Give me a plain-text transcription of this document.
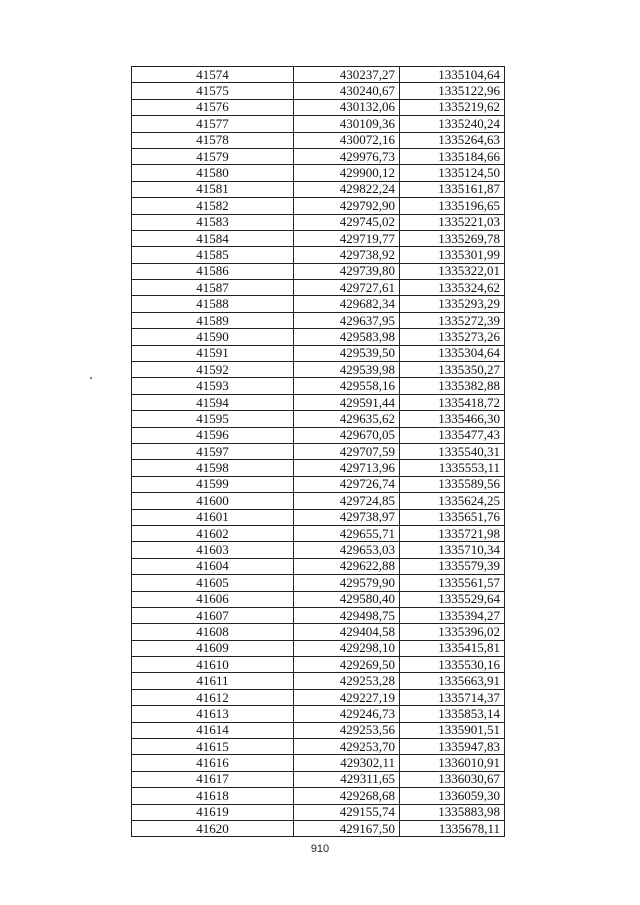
41574	430237,27	1335104,64
41575	430240,67	1335122,96
41576	430132,06	1335219,62
41577	430109,36	1335240,24
41578	430072,16	1335264,63
41579	429976,73	1335184,66
41580	429900,12	1335124,50
41581	429822,24	1335161,87
41582	429792,90	1335196,65
41583	429745,02	1335221,03
41584	429719,77	1335269,78
41585	429738,92	1335301,99
41586	429739,80	1335322,01
41587	429727,61	1335324,62
41588	429682,34	1335293,29
41589	429637,95	1335272,39
41590	429583,98	1335273,26
41591	429539,50	1335304,64
41592	429539,98	1335350,27
41593	429558,16	1335382,88
41594	429591,44	1335418,72
41595	429635,62	1335466,30
41596	429670,05	1335477,43
41597	429707,59	1335540,31
41598	429713,96	1335553,11
41599	429726,74	1335589,56
41600	429724,85	1335624,25
41601	429738,97	1335651,76
41602	429655,71	1335721,98
41603	429653,03	1335710,34
41604	429622,88	1335579,39
41605	429579,90	1335561,57
41606	429580,40	1335529,64
41607	429498,75	1335394,27
41608	429404,58	1335396,02
41609	429298,10	1335415,81
41610	429269,50	1335530,16
41611	429253,28	1335663,91
41612	429227,19	1335714,37
41613	429246,73	1335853,14
41614	429253,56	1335901,51
41615	429253,70	1335947,83
41616	429302,11	1336010,91
41617	429311,65	1336030,67
41618	429268,68	1336059,30
41619	429155,74	1335883,98
41620	429167,50	1335678,11
910
